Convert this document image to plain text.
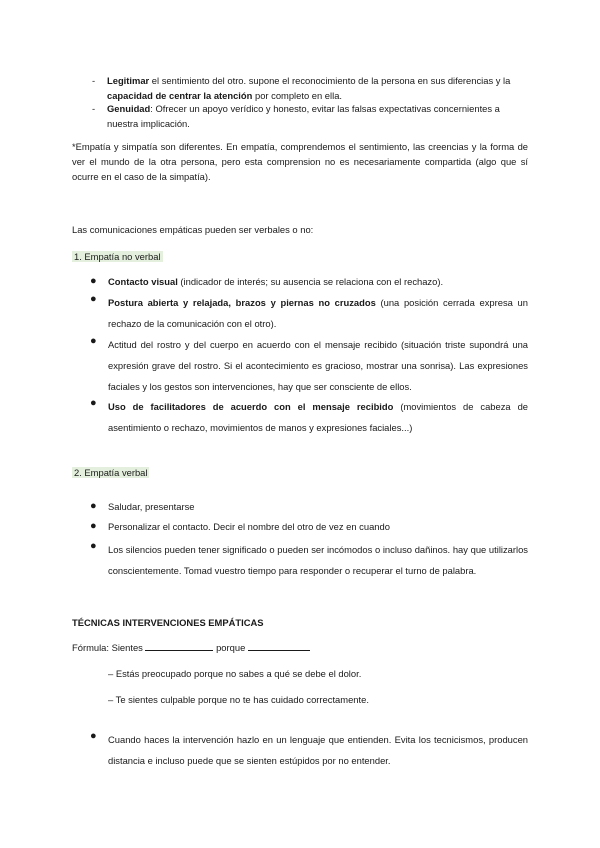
-	Legitimar el sentimiento del otro. supone el reconocimiento de la persona en sus diferencias y la capacidad de centrar la atención por completo en ella.
-	Genuidad: Ofrecer un apoyo verídico y honesto, evitar las falsas expectativas concernientes a nuestra implicación.
*Empatía y simpatía son diferentes. En empatía, comprendemos el sentimiento, las creencias y la forma de ver el mundo de la otra persona, pero esta comprension no es necesariamente compartida (algo que sí ocurre en el caso de la simpatía).
Las comunicaciones empáticas pueden ser verbales o no:
1. Empatía no verbal
●	Contacto visual (indicador de interés; su ausencia se relaciona con el rechazo).
●	Postura abierta y relajada, brazos y piernas no cruzados (una posición cerrada expresa un rechazo de la comunicación con el otro).
●	Actitud del rostro y del cuerpo en acuerdo con el mensaje recibido (situación triste supondrá una expresión grave del rostro. Si el acontecimiento es gracioso, mostrar una sonrisa). Las expresiones faciales y los gestos son intervenciones, hay que ser consciente de ellos.
●	Uso de facilitadores de acuerdo con el mensaje recibido (movimientos de cabeza de asentimiento o rechazo, movimientos de manos y expresiones faciales...)
2. Empatía verbal
●	Saludar, presentarse
●	Personalizar el contacto. Decir el nombre del otro de vez en cuando
●	Los silencios pueden tener significado o pueden ser incómodos o incluso dañinos. hay que utilizarlos conscientemente. Tomad vuestro tiempo para responder o recuperar el turno de palabra.
TÉCNICAS INTERVENCIONES EMPÁTICAS
Fórmula: Sientes	porque
– Estás preocupado porque no sabes a qué se debe el dolor.
– Te sientes culpable porque no te has cuidado correctamente.
●	Cuando haces la intervención hazlo en un lenguaje que entienden. Evita los tecnicismos, producen distancia e incluso puede que se sienten estúpidos por no entender.
